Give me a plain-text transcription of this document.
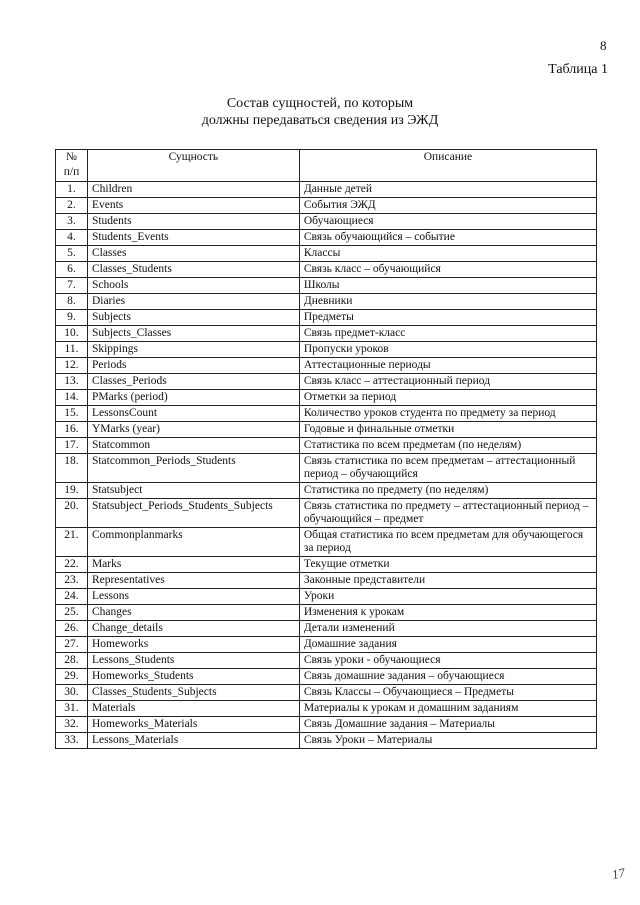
8
Таблица 1
Состав сущностей, по которым
должны передаваться сведения из ЭЖД
№ п/п	Сущность	Описание
1.	Children	Данные детей
2.	Events	События ЭЖД
3.	Students	Обучающиеся
4.	Students_Events	Связь обучающийся – событие
5.	Classes	Классы
6.	Classes_Students	Связь класс – обучающийся
7.	Schools	Школы
8.	Diaries	Дневники
9.	Subjects	Предметы
10.	Subjects_Classes	Связь предмет-класс
11.	Skippings	Пропуски уроков
12.	Periods	Аттестационные периоды
13.	Classes_Periods	Связь класс – аттестационный период
14.	PMarks (period)	Отметки за период
15.	LessonsCount	Количество уроков студента по предмету за период
16.	YMarks (year)	Годовые и финальные отметки
17.	Statcommon	Статистика по всем предметам (по неделям)
18.	Statcommon_Periods_Students	Связь статистика по всем предметам – аттестационный период – обучающийся
19.	Statsubject	Статистика по предмету (по неделям)
20.	Statsubject_Periods_Students_Subjects	Связь статистика по предмету – аттестационный период – обучающийся – предмет
21.	Commonplanmarks	Общая статистика по всем предметам для обучающегося за период
22.	Marks	Текущие отметки
23.	Representatives	Законные представители
24.	Lessons	Уроки
25.	Changes	Изменения к урокам
26.	Change_details	Детали изменений
27.	Homeworks	Домашние задания
28.	Lessons_Students	Связь уроки - обучающиеся
29.	Homeworks_Students	Связь домашние задания – обучающиеся
30.	Classes_Students_Subjects	Связь Классы – Обучающиеся – Предметы
31.	Materials	Материалы к урокам и домашним заданиям
32.	Homeworks_Materials	Связь Домашние задания – Материалы
33.	Lessons_Materials	Связь Уроки – Материалы
17
